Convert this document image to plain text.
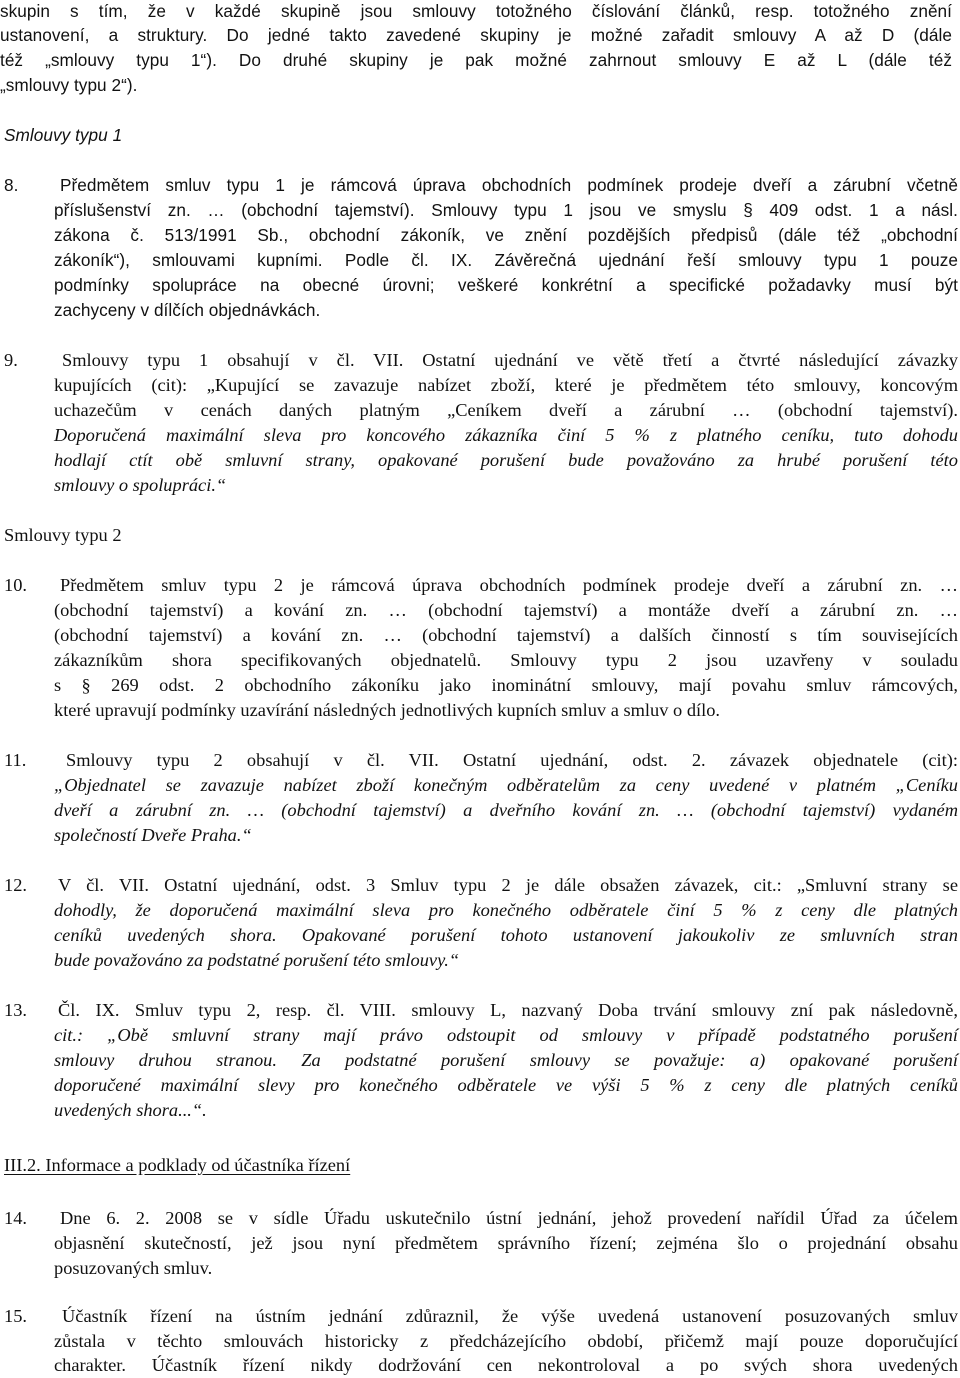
skupin s tím, že v každé skupině jsou smlouvy totožného číslování článků, resp. totožného znění
ustanovení, a struktury. Do jedné takto zavedené skupiny je možné zařadit smlouvy A až D (dále
též „smlouvy typu 1“). Do druhé skupiny je pak možné zahrnout smlouvy E až L (dále též
„smlouvy typu 2“).
Smlouvy typu 1
8. Předmětem smluv typu 1 je rámcová úprava obchodních podmínek prodeje dveří a zárubní včetně
příslušenství zn. … (obchodní tajemství). Smlouvy typu 1 jsou ve smyslu § 409 odst. 1 a násl.
zákona č. 513/1991 Sb., obchodní zákoník, ve znění pozdějších předpisů (dále též „obchodní
zákoník“), smlouvami kupními. Podle čl. IX. Závěrečná ujednání řeší smlouvy typu 1 pouze
podmínky spolupráce na obecné úrovni; veškeré konkrétní a specifické požadavky musí být
zachyceny v dílčích objednávkách.
9. Smlouvy typu 1 obsahují v čl. VII. Ostatní ujednání ve větě třetí a čtvrté následující závazky
kupujících (cit): „Kupující se zavazuje nabízet zboží, které je předmětem této smlouvy, koncovým
uchazečům v cenách daných platným „Ceníkem dveří a zárubní … (obchodní tajemství).
Doporučená maximální sleva pro koncového zákazníka činí 5 % z platného ceníku, tuto dohodu
hodlají ctít obě smluvní strany, opakované porušení bude považováno za hrubé porušení této
smlouvy o spolupráci.“
Smlouvy typu 2
10. Předmětem smluv typu 2 je rámcová úprava obchodních podmínek prodeje dveří a zárubní zn. …
(obchodní tajemství) a kování zn. … (obchodní tajemství) a montáže dveří a zárubní zn. …
(obchodní tajemství) a kování zn. … (obchodní tajemství) a dalších činností s tím souvisejících
zákazníkům shora specifikovaných objednatelů. Smlouvy typu 2 jsou uzavřeny v souladu
s § 269 odst. 2 obchodního zákoníku jako inominátní smlouvy, mají povahu smluv rámcových,
které upravují podmínky uzavírání následných jednotlivých kupních smluv a smluv o dílo.
11. Smlouvy typu 2 obsahují v čl. VII. Ostatní ujednání, odst. 2. závazek objednatele (cit):
„Objednatel se zavazuje nabízet zboží konečným odběratelům za ceny uvedené v platném „Ceníku
dveří a zárubní zn. … (obchodní tajemství) a dveřního kování zn. … (obchodní tajemství) vydaném
společností Dveře Praha.“
12. V čl. VII. Ostatní ujednání, odst. 3 Smluv typu 2 je dále obsažen závazek, cit.: „Smluvní strany se
dohodly, že doporučená maximální sleva pro konečného odběratele činí 5 % z ceny dle platných
ceníků uvedených shora. Opakované porušení tohoto ustanovení jakoukoliv ze smluvních stran
bude považováno za podstatné porušení této smlouvy.“
13. Čl. IX. Smluv typu 2, resp. čl. VIII. smlouvy L, nazvaný Doba trvání smlouvy zní pak následovně,
cit.: „Obě smluvní strany mají právo odstoupit od smlouvy v případě podstatného porušení
smlouvy druhou stranou. Za podstatné porušení smlouvy se považuje: a) opakované porušení
doporučené maximální slevy pro konečného odběratele ve výši 5 % z ceny dle platných ceníků
uvedených shora...“.
III.2. Informace a podklady od účastníka řízení
14. Dne 6. 2. 2008 se v sídle Úřadu uskutečnilo ústní jednání, jehož provedení nařídil Úřad za účelem
objasnění skutečností, jež jsou nyní předmětem správního řízení; zejména šlo o projednání obsahu
posuzovaných smluv.
15. Účastník řízení na ústním jednání zdůraznil, že výše uvedená ustanovení posuzovaných smluv
zůstala v těchto smlouvách historicky z předcházejícího období, přičemž mají pouze doporučující
charakter. Účastník řízení nikdy dodržování cen nekontroloval a po svých shora uvedených
